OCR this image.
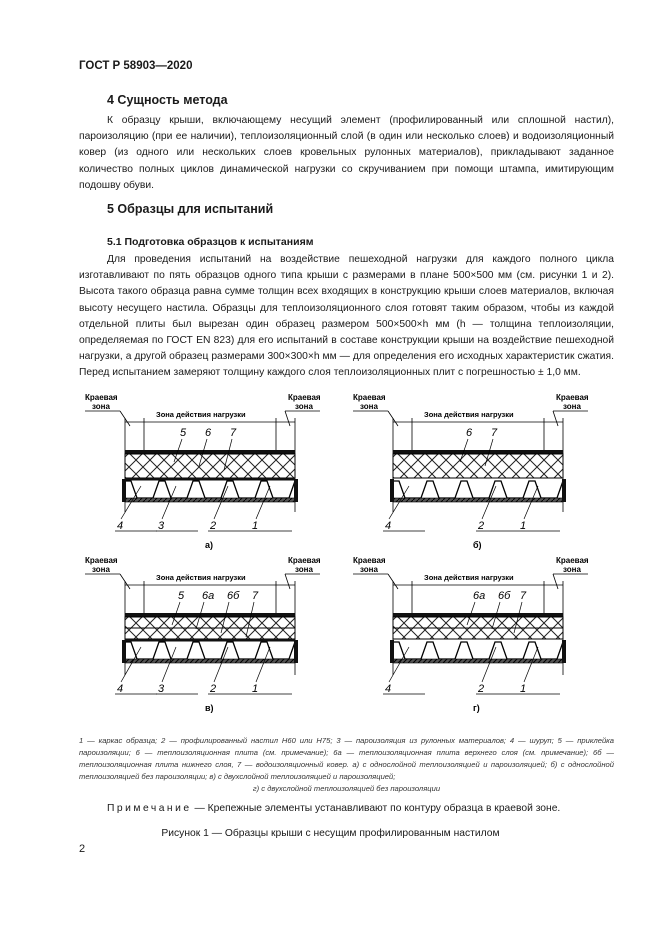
ГОСТ Р 58903—2020
4 Сущность метода
К образцу крыши, включающему несущий элемент (профилированный или сплошной настил), пароизоляцию (при ее наличии), теплоизоляционный слой (в один или несколько слоев) и водоизоляционный ковер (из одного или нескольких слоев кровельных рулонных материалов), прикладывают заданное количество полных циклов динамической нагрузки со скручиванием при помощи штампа, имитирующим подошву обуви.
5 Образцы для испытаний
5.1 Подготовка образцов к испытаниям
Для проведения испытаний на воздействие пешеходной нагрузки для каждого полного цикла изготавливают по пять образцов одного типа крыши с размерами в плане 500×500 мм (см. рисунки 1 и 2). Высота такого образца равна сумме толщин всех входящих в конструкцию крыши слоев материалов, включая высоту несущего настила. Образцы для теплоизоляционного слоя готовят таким образом, чтобы из каждой отдельной плиты был вырезан один образец размером 500×500×h мм (h — толщина теплоизоляции, определяемая по ГОСТ EN 823) для его испытаний в составе конструкции крыши на воздействие пешеходной нагрузки, а другой образец размерами 300×300×h мм — для определения его исходных характеристик сжатия. Перед испытанием замеряют толщину каждого слоя теплоизоляционных плит с погрешностью ± 1,0 мм.
Краевая
зона
Краевая
зона
Зона действия нагрузки
5 6 7
4	3	2	1
а)
Краевая
зона
Краевая
зона
Зона действия нагрузки
6 7
4	2	1
б)
Краевая
зона
Краевая
зона
Зона действия нагрузки
5 6а 6б 7
4	3	2	1
в)
Краевая
зона
Краевая
зона
Зона действия нагрузки
6а 6б 7
4	2	1
г)
1 — каркас образца; 2 — профилированный настил Н60 или Н75; 3 — пароизоляция из рулонных материалов; 4 — шуруп; 5 — приклейка пароизоляции; 6 — теплоизоляционная плита (см. примечание); 6а — теплоизоляционная плита верхнего слоя (см. примечание); 6б — теплоизоляционная плита нижнего слоя, 7 — водоизоляционный ковер. а) с однослойной теплоизоляцией и пароизоляцией; б) с однослойной теплоизоляцией без пароизоляции; в) с двухслойной теплоизоляцией и пароизоляцией;
г) с двухслойной теплоизоляцией без пароизоляции
Примечание — Крепежные элементы устанавливают по контуру образца в краевой зоне.
Рисунок 1 — Образцы крыши с несущим профилированным настилом
2
